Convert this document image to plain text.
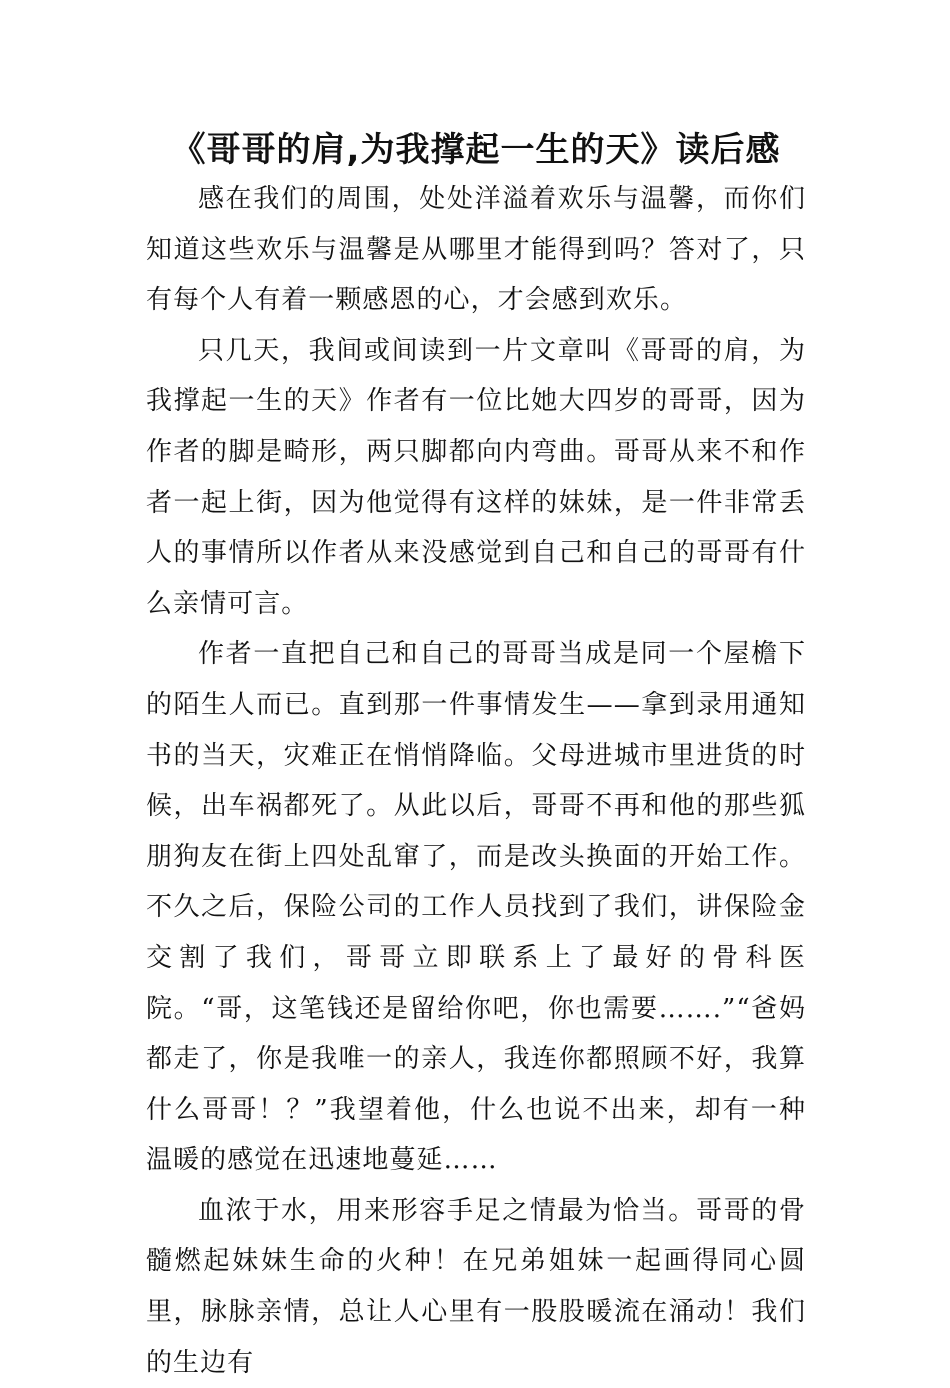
《哥哥的肩,为我撑起一生的天》读后感

感在我们的周围，处处洋溢着欢乐与温馨，而你们知道这些欢乐与温馨是从哪里才能得到吗？答对了，只有每个人有着一颗感恩的心，才会感到欢乐。

只几天，我间或间读到一片文章叫《哥哥的肩，为我撑起一生的天》作者有一位比她大四岁的哥哥，因为作者的脚是畸形，两只脚都向内弯曲。哥哥从来不和作者一起上街，因为他觉得有这样的妹妹，是一件非常丢人的事情所以作者从来没感觉到自己和自己的哥哥有什么亲情可言。

作者一直把自己和自己的哥哥当成是同一个屋檐下的陌生人而已。直到那一件事情发生——拿到录用通知书的当天，灾难正在悄悄降临。父母进城市里进货的时候，出车祸都死了。从此以后，哥哥不再和他的那些狐朋狗友在街上四处乱窜了，而是改头换面的开始工作。不久之后，保险公司的工作人员找到了我们，讲保险金交割了我们，哥哥立即联系上了最好的骨科医院。“哥，这笔钱还是留给你吧，你也需要…….”“爸妈都走了，你是我唯一的亲人，我连你都照顾不好，我算什么哥哥！？”我望着他，什么也说不出来，却有一种温暖的感觉在迅速地蔓延……

血浓于水，用来形容手足之情最为恰当。哥哥的骨髓燃起妹妹生命的火种！在兄弟姐妹一起画得同心圆里，脉脉亲情，总让人心里有一股股暖流在涌动！我们的生边有
